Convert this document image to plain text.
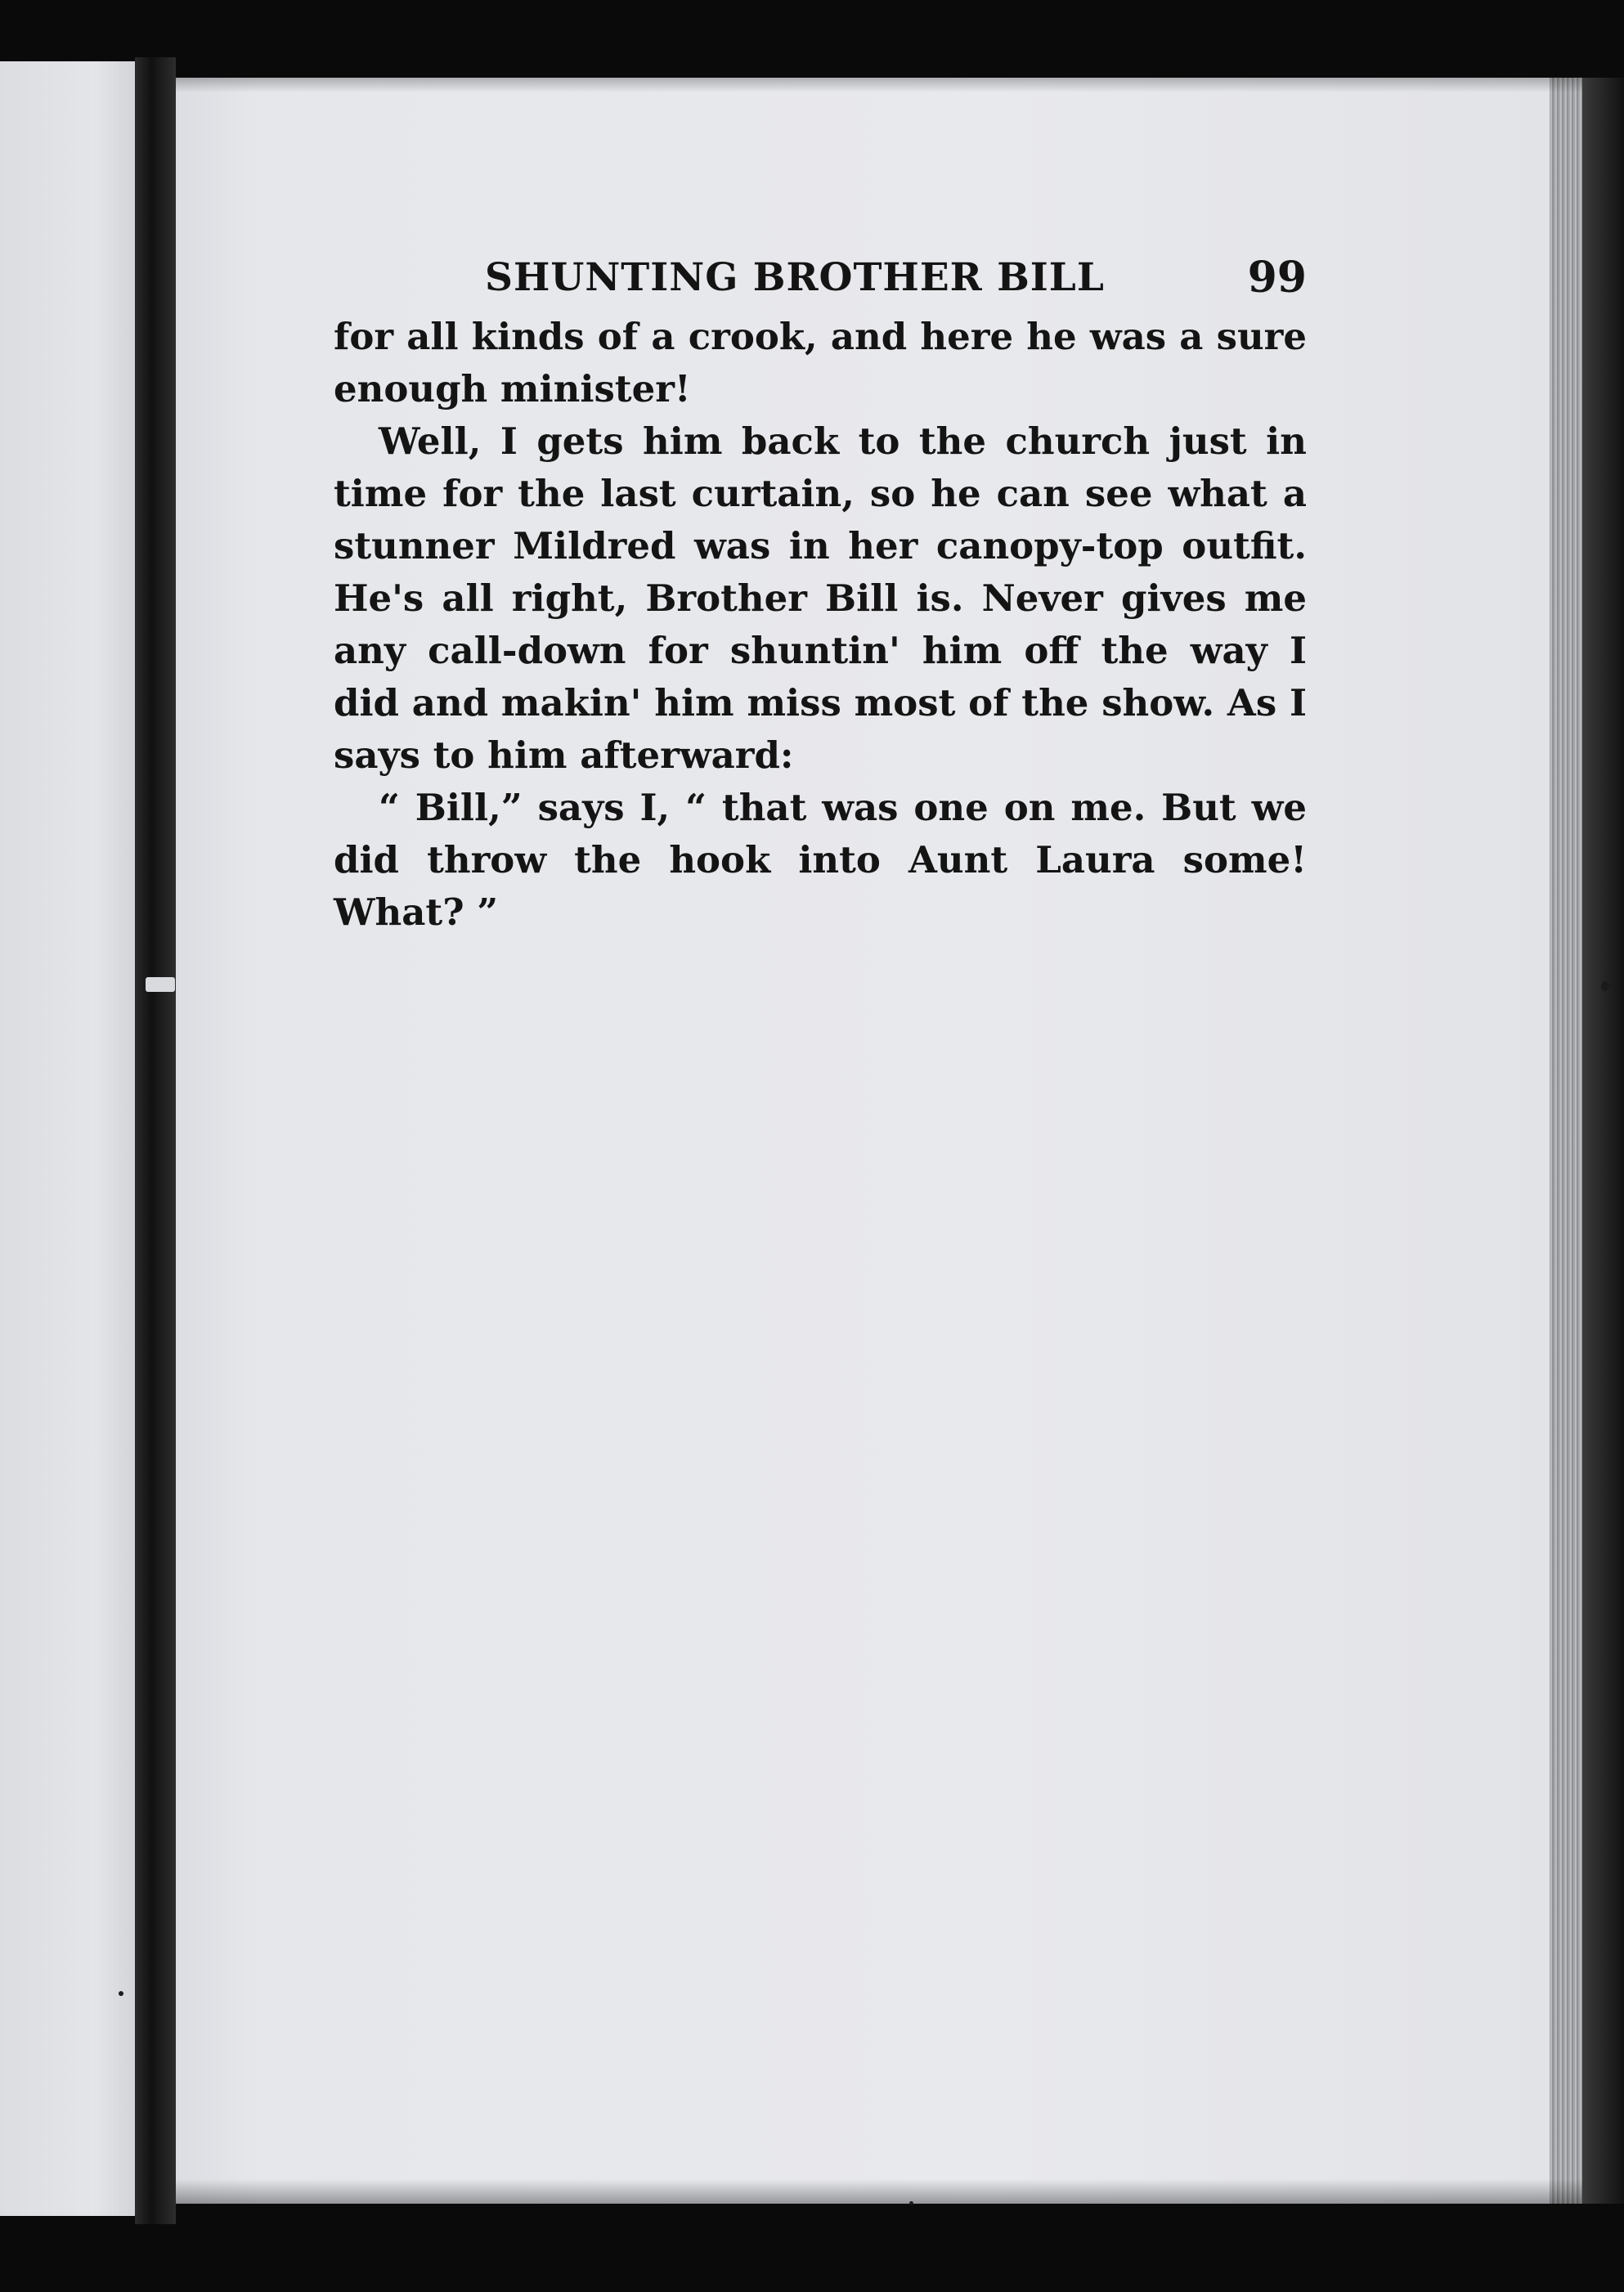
SHUNTING BROTHER BILL	99

for all kinds of a crook, and here he was a sure enough minister!

Well, I gets him back to the church just in time for the last curtain, so he can see what a stunner Mildred was in her canopy-top outfit. He's all right, Brother Bill is. Never gives me any call-down for shuntin' him off the way I did and makin' him miss most of the show. As I says to him afterward:

“ Bill,” says I, “ that was one on me. But we did throw the hook into Aunt Laura some! What? ”
